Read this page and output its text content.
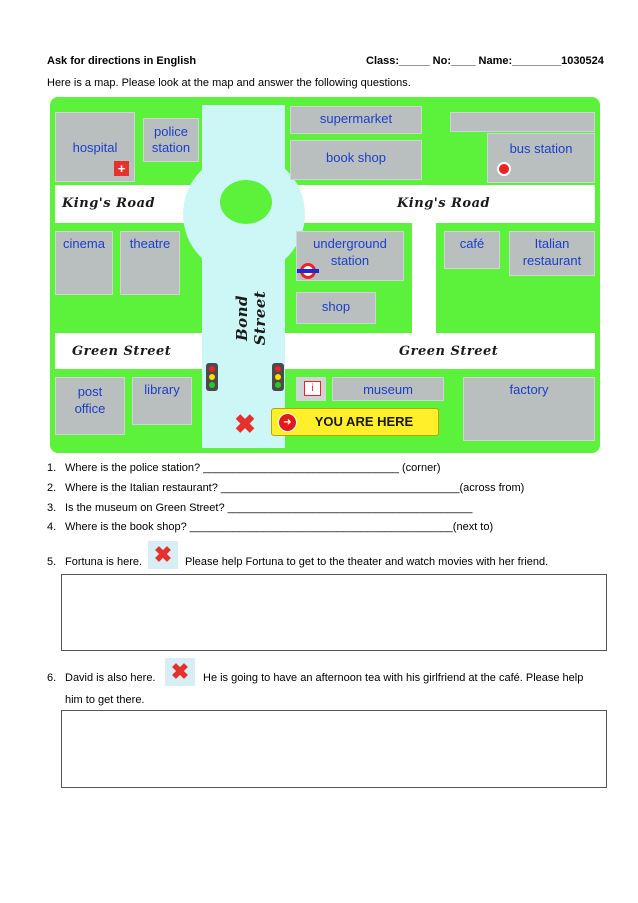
Ask for directions in English	Class:_____ No:____ Name:________1030524
Here is a map. Please look at the map and answer the following questions.
hospital
+
police
station
supermarket
book shop
bus station
cinema	theatre	underground
station
shop
café	Italian
restaurant
post
office
library	i	museum	factory
King's Road	King's Road
Green Street	Green Street
Bond Street
✖	YOU ARE HERE
➜
1. Where is the police station? ________________________________ (corner)
2. Where is the Italian restaurant? _______________________________________(across from)
3. Is the museum on Green Street? ________________________________________
4. Where is the book shop? ___________________________________________(next to)
5. Fortuna is here. ✖	Please help Fortuna to get to the theater and watch movies with her friend.
6. David is also here. ✖	He is going to have an afternoon tea with his girlfriend at the café. Please help
him to get there.
